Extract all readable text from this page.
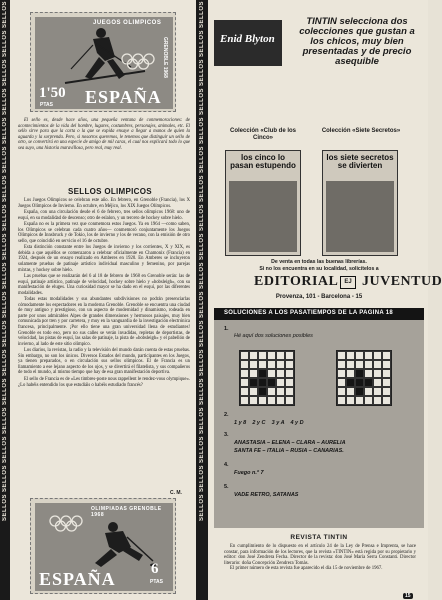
SELLOS
SELLOS
SELLOS
SELLOS
SELLOS
SELLOS
SELLOS
SELLOS
SELLOS
SELLOS
SELLOS
SELLOS
SELLOS
SELLOS
SELLOS
SELLOS
SELLOS
SELLOS
SELLOS
SELLOS
SELLOS
SELLOS
SELLOS
SELLOS
SELLOS
SELLOS
SELLOS
SELLOS
SELLOS
SELLOS
SELLOS
SELLOS
SELLOS
SELLOS
SELLOS
SELLOS
JUEGOS OLIMPICOS
GRENOBLE 1968
1'50
PTAS ESPAÑA

El sello es, desde hace años, una pequeña ventana de conmemoraciones: de acontecimientos de la vida del hombre, lugares, costumbres, personajes, animales, etc. El sello sirve para que la carta o la que se expida ensaye a llegar a manos de quien la aguarda y la sorprenda. Pero, si nosotros queremos, le tenemos que distinguir un sello de otro, se convertirá en una especie de amigo de mil caras, el cual nos explicará todo lo que sea suyo, una historia maravillosa, pero real, muy real.

SELLOS OLIMPICOS

Los Juegos Olímpicos se celebran este año. En febrero, en Grenoble (Francia), los X Juegos Olímpicos de Invierno. En octubre, en Méjico, los XIX Juegos Olímpicos.

España, con una circulación desde el 6 de febrero, tres sellos olímpicos 1968: uno de esquí, en su modalidad de descenso; otro de eslalon, y un tercero de hockey sobre hielo.

España no es la primera vez que conmemora estos Juegos. Ya en 1964 —como saben, los Olímpicos se celebran cada cuatro años— conmemoró conjuntamente los Juegos Olímpicos de Innsbruck y de Tokio, los de invierno y los de verano, con la emisión de otro sello, que coincidió en servicio el 16 de octubre.

Esta distinción constante entre los Juegos de invierno y los corrientes, X y XIX, es debida a que aquéllos se comenzaron a celebrar oficialmente en Chamonix (Francia) en 1924, después de un ensayo realizado en Amberes en 1920. En Amberes se incluyeron solamente pruebas de patinaje artístico individual masculino y femenino, por parejas mixtas, y hockey sobre hielo.

Las pruebas que se realizarán del 6 al 18 de febrero de 1968 en Grenoble serán: las de esquí, patinaje artístico, patinaje de velocidad, hockey sobre hielo y «bobsleigh», con su manifestación de eluges. Una curiosidad mayor se ha dado en el esquí, por las diferentes modalidades.

Todas estas modalidades y sus abundantes subdivisiones no podrán presenciarlas cómodamente los espectadores en la moderna Grenoble. Grenoble se encuentra una ciudad de muy antiguo y prestigioso, con un aspecto de modernidad y dinamismo, rodeada en parte por unos admirables Alpes de grandes dimensiones y hermosos paisajes, muy bien comunicada por tren y por carretera, y muy en la vanguardia de la investigación electrónica francesa, principalmente. ¡Por ello tiene una gran universidad llena de estudiantes! Grenoble es todo eso, pero no sus calles se verán invadidas, repletas de deportistas, de velocidad, las pistas de esquí, las salas de patinaje, la pista de «bobsleigh» y el pabellón de invierno, al lado de este sitio olímpico.

Los diarios, la revistas, la radio y la televisión del mundo darán cuenta de estas pruebas. Sin embargo, no son los únicos. Diversos Estados del mundo, participantes en los Juegos, ya tienen preparados, o en circulación sus sellos olímpicos. El de Francia es un llamamiento a ese lejano aspecto de los ojos, y se divertirá el filatelista, y sus compañeros de todo el mundo, al mismo tiempo que hay de esa gran manifestación deportiva.

El sello de Francia es de «Les timbres-poste nous rappellent le rendez-vous olympique». ¿Lo habéis entendido los que estudiáis o habéis estudiado francés?

C. M.
OLIMPIADAS GRENOBLE 1968
ESPAÑA 6
PTAS
Enid Blyton
TINTIN selecciona dos colecciones que gustan a los chicos, muy bien presentadas y de precio asequible
Colección «Club de los Cinco»
Colección «Siete Secretos»
los cinco lo pasan estupendo
los siete secretos se divierten
De venta en todas las buenas librerías.
Si no los encuentra en su localidad, solicítelos a
EDITORIAL EJ JUVENTUD
Provenza, 101 - Barcelona - 15
SOLUCIONES A LOS PASATIEMPOS DE LA PAGINA 18
1.
Hé aquí dos soluciones posibles
2.
1 y 8    2 y C    3 y A    4 y D
3.
ANASTASIA – ELENA – CLARA – AURELIA
SANTA FE – ITALIA – RUSIA – CANARIAS.
4.
Fuego n.º 7
5.
VADE RETRO, SATANAS
REVISTA TINTIN
En cumplimiento de lo dispuesto en el artículo 24 de la Ley de Prensa e Imprenta, se hace constar, para información de los lectores, que la revista «TINTIN» está regida por su propietario y editor: don José Zendrera Fecha. Director de la revista: don José María Serra Constanti. Director literario: doña Concepción Zendrera Tomàs.
El primer número de esta revista fue aparecido el día 15 de noviembre de 1967.
15
